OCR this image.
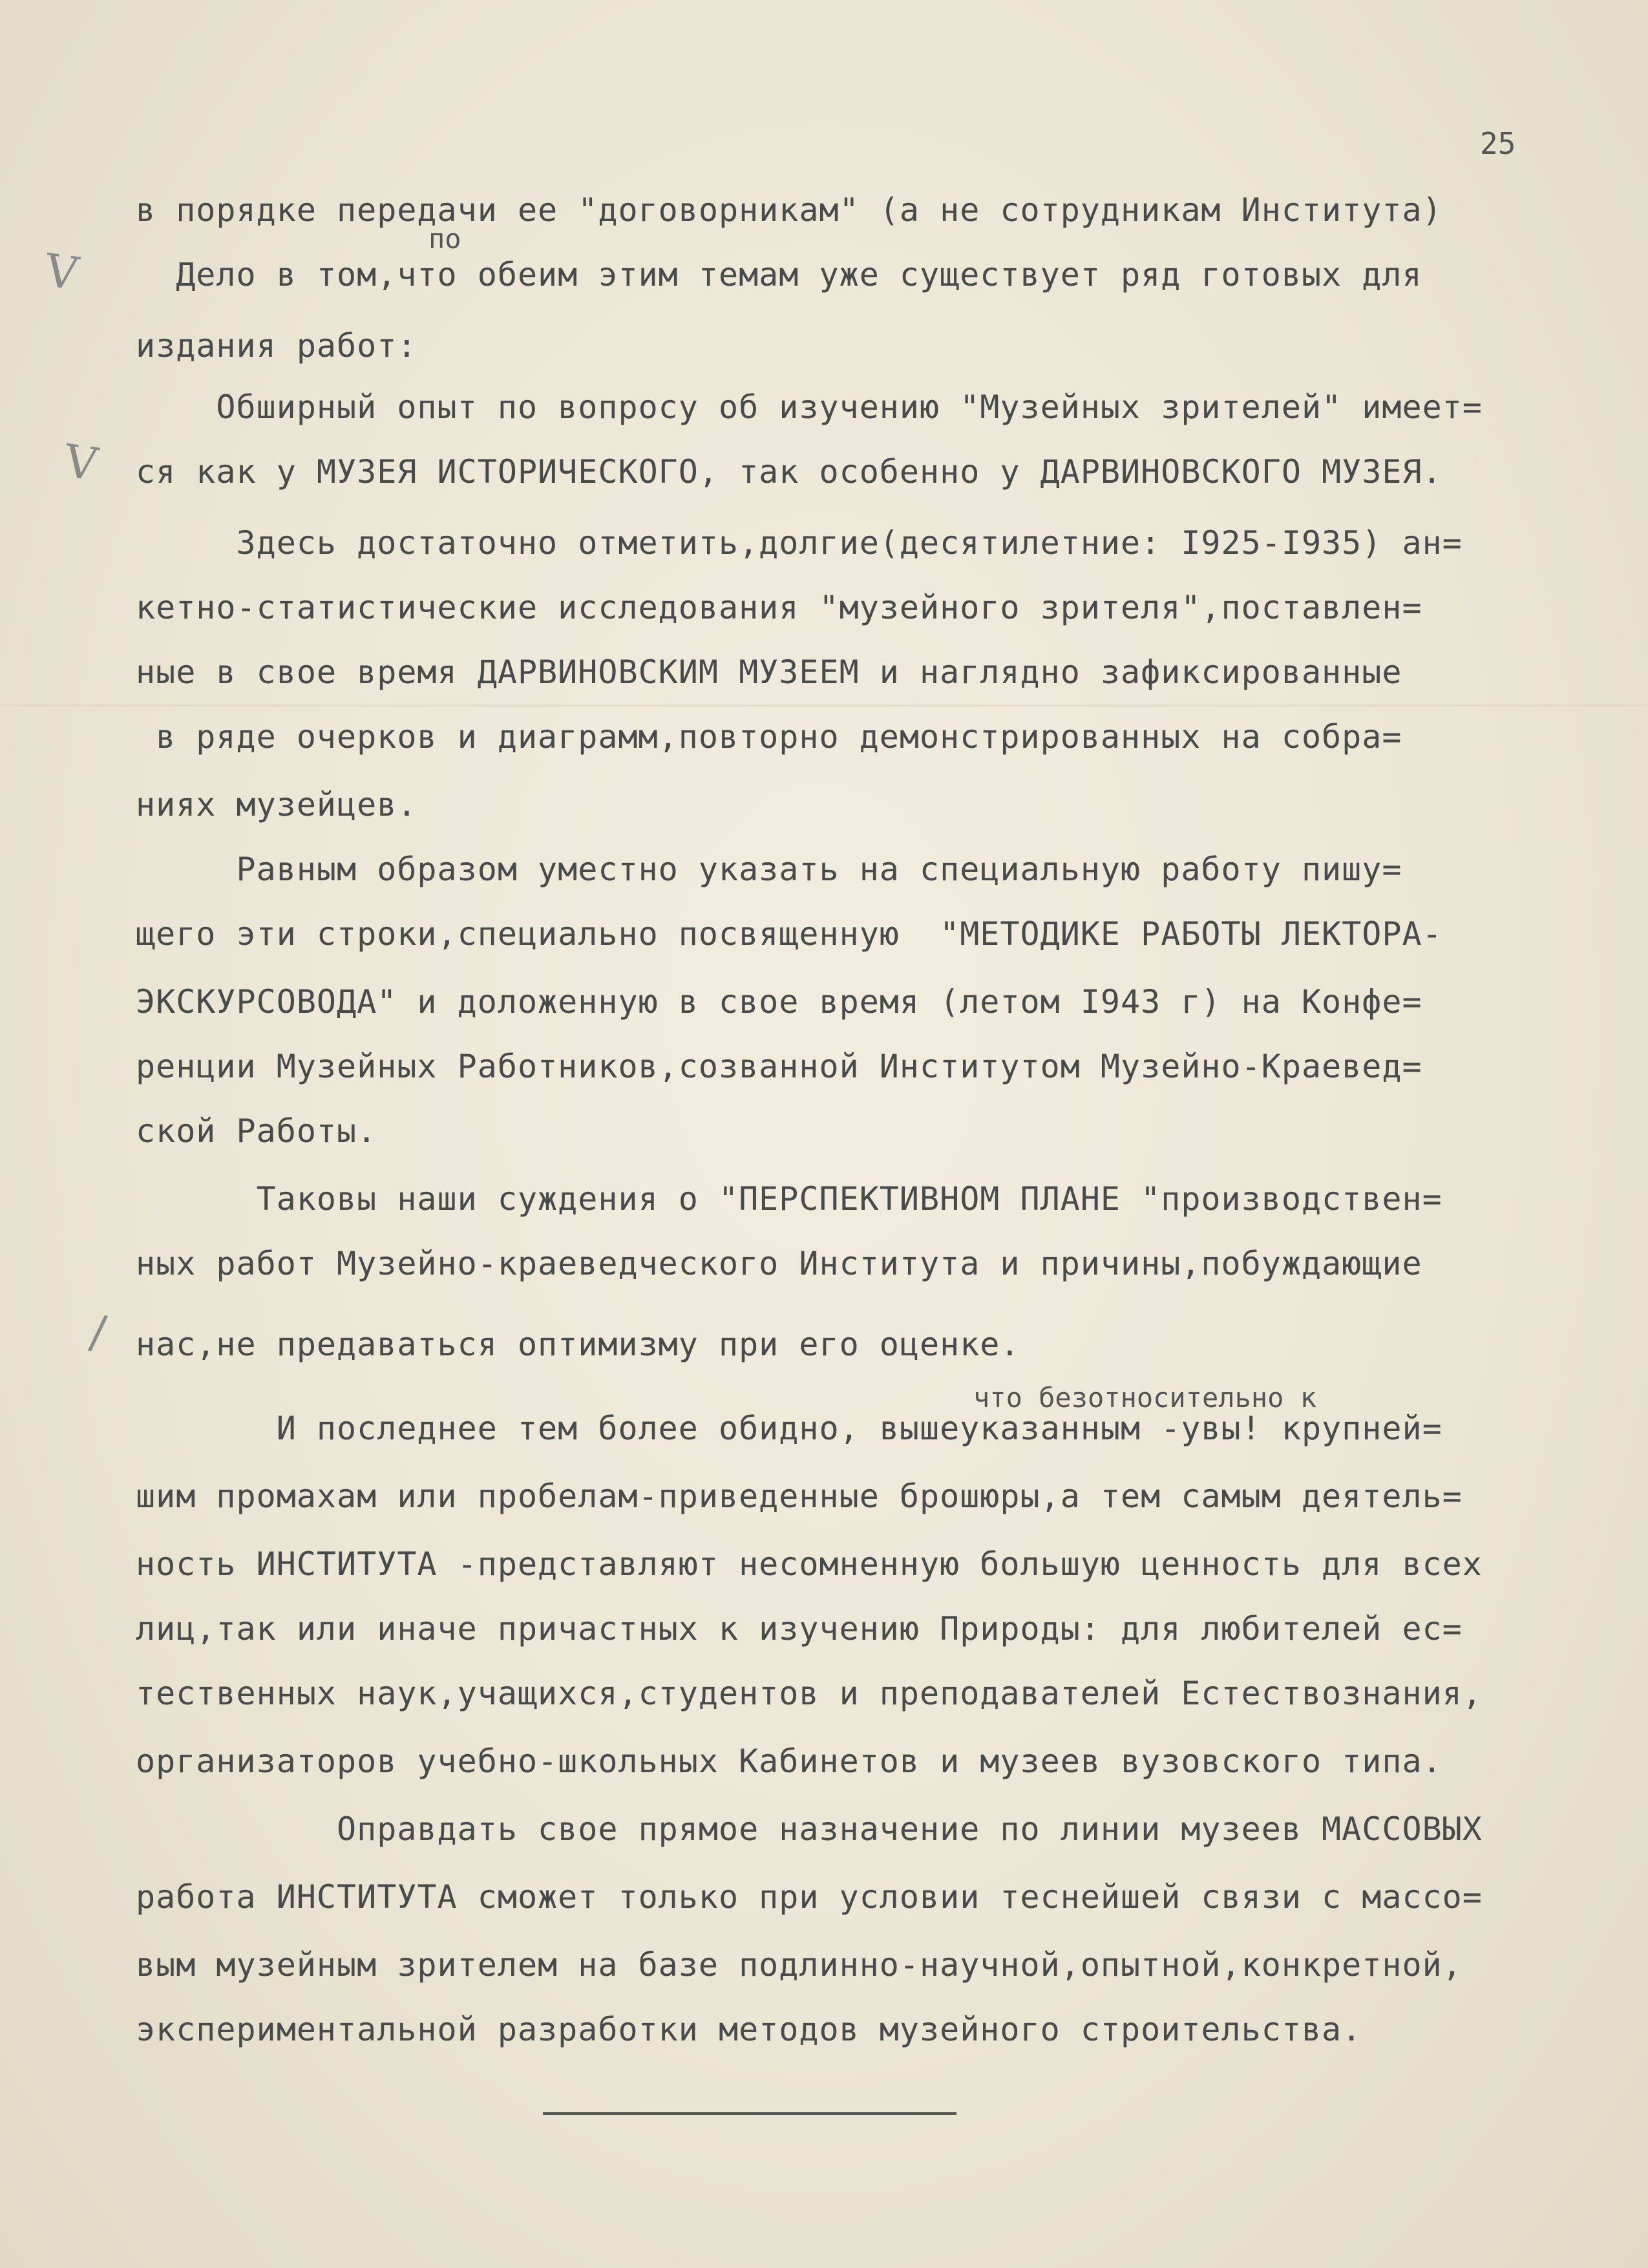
25
V
V
/
по
что безотносительно к
в порядке передачи ее "договорникам" (а не сотрудникам Института)
Дело в том,что обеим этим темам уже существует ряд готовых для
издания работ:
Обширный опыт по вопросу об изучению "Музейных зрителей" имеет=
ся как у МУЗЕЯ ИСТОРИЧЕСКОГО, так особенно у ДАРВИНОВСКОГО МУЗЕЯ.
Здесь достаточно отметить,долгие(десятилетние: I925-I935) ан=
кетно-статистические исследования "музейного зрителя",поставлен=
ные в свое время ДАРВИНОВСКИМ МУЗЕЕМ и наглядно зафиксированные
в ряде очерков и диаграмм,повторно демонстрированных на собра=
ниях музейцев.
Равным образом уместно указать на специальную работу пишу=
щего эти строки,специально посвященную  "МЕТОДИКЕ РАБОТЫ ЛЕКТОРА-
ЭКСКУРСОВОДА" и доложенную в свое время (летом I943 г) на Конфе=
ренции Музейных Работников,созванной Институтом Музейно-Краевед=
ской Работы.
Таковы наши суждения о "ПЕРСПЕКТИВНОМ ПЛАНЕ "производствен=
ных работ Музейно-краеведческого Института и причины,побуждающие
нас,не предаваться оптимизму при его оценке.
И последнее тем более обидно, вышеуказанным -увы! крупней=
шим промахам или пробелам-приведенные брошюры,а тем самым деятель=
ность ИНСТИТУТА -представляют несомненную большую ценность для всех
лиц,так или иначе причастных к изучению Природы: для любителей ес=
тественных наук,учащихся,студентов и преподавателей Естествознания,
организаторов учебно-школьных Кабинетов и музеев вузовского типа.
Оправдать свое прямое назначение по линии музеев МАССОВЫХ
работа ИНСТИТУТА сможет только при условии теснейшей связи с массо=
вым музейным зрителем на базе подлинно-научной,опытной,конкретной,
экспериментальной разработки методов музейного строительства.
